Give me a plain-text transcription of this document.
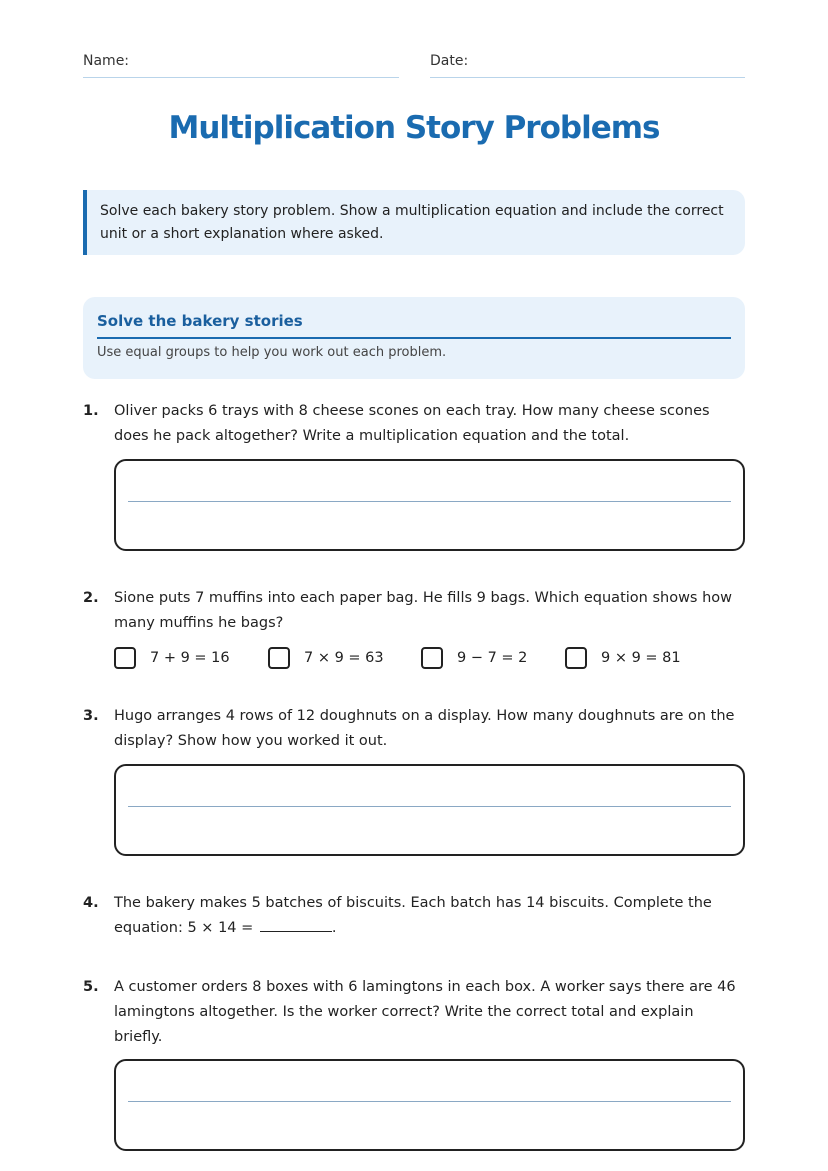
Name:	Date:
Multiplication Story Problems
Solve each bakery story problem. Show a multiplication equation and include the correct unit or a short explanation where asked.
Solve the bakery stories
Use equal groups to help you work out each problem.
1. Oliver packs 6 trays with 8 cheese scones on each tray. How many cheese scones does he pack altogether? Write a multiplication equation and the total.
2. Sione puts 7 muffins into each paper bag. He fills 9 bags. Which equation shows how many muffins he bags?
7 + 9 = 16	7 × 9 = 63	9 − 7 = 2	9 × 9 = 81
3. Hugo arranges 4 rows of 12 doughnuts on a display. How many doughnuts are on the display? Show how you worked it out.
4. The bakery makes 5 batches of biscuits. Each batch has 14 biscuits. Complete the
equation: 5 × 14 =	.
5. A customer orders 8 boxes with 6 lamingtons in each box. A worker says there are 46 lamingtons altogether. Is the worker correct? Write the correct total and explain briefly.
